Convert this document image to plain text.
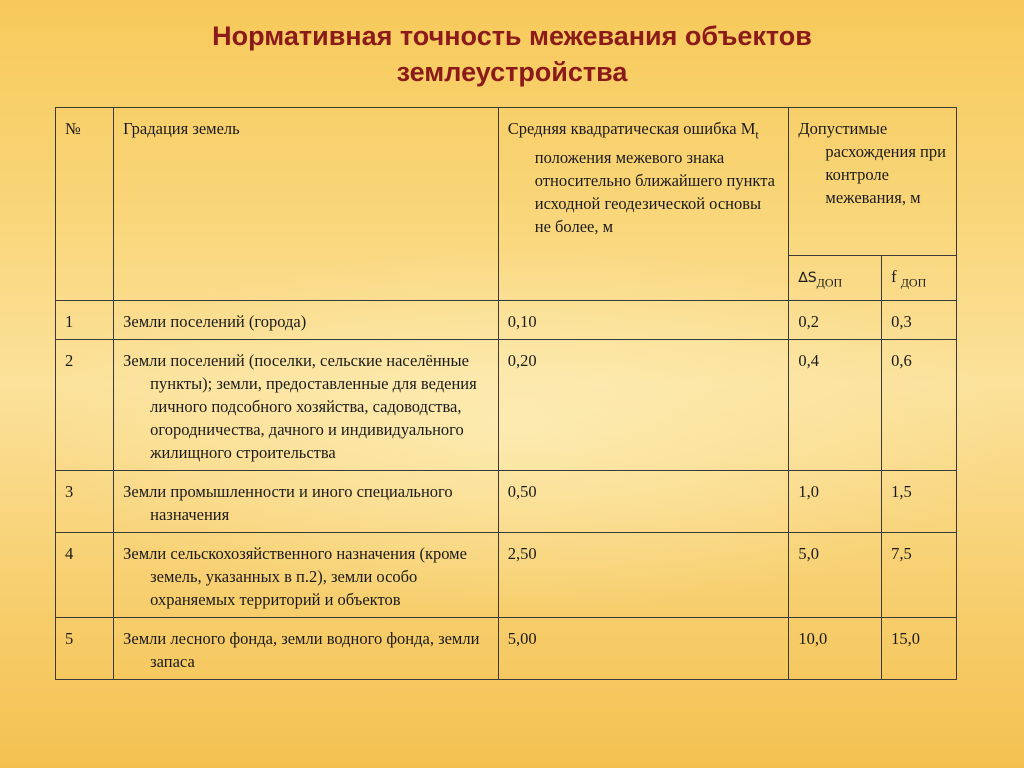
Нормативная точность межевания объектов
землеустройства
№	Градация земель	Средняя квадратическая ошибка $M_t$ положения межевого знака относительно ближайшего пункта исходной геодезической основы не более, м	Допустимые расхождения при контроле межевания, м	
			$\Delta S_{ДОП}$	f $_{ДОП}$
1	Земли поселений (города)	0,10	0,2	0,3
2	Земли поселений (поселки, сельские населённые пункты); земли, предоставленные для ведения личного подсобного хозяйства, садоводства, огородничества, дачного и индивидуального жилищного строительства	0,20	0,4	0,6
3	Земли промышленности и иного специального назначения	0,50	1,0	1,5
4	Земли сельскохозяйственного назначения (кроме земель, указанных в п.2), земли особо охраняемых территорий и объектов	2,50	5,0	7,5
5	Земли лесного фонда, земли водного фонда, земли запаса	5,00	10,0	15,0
